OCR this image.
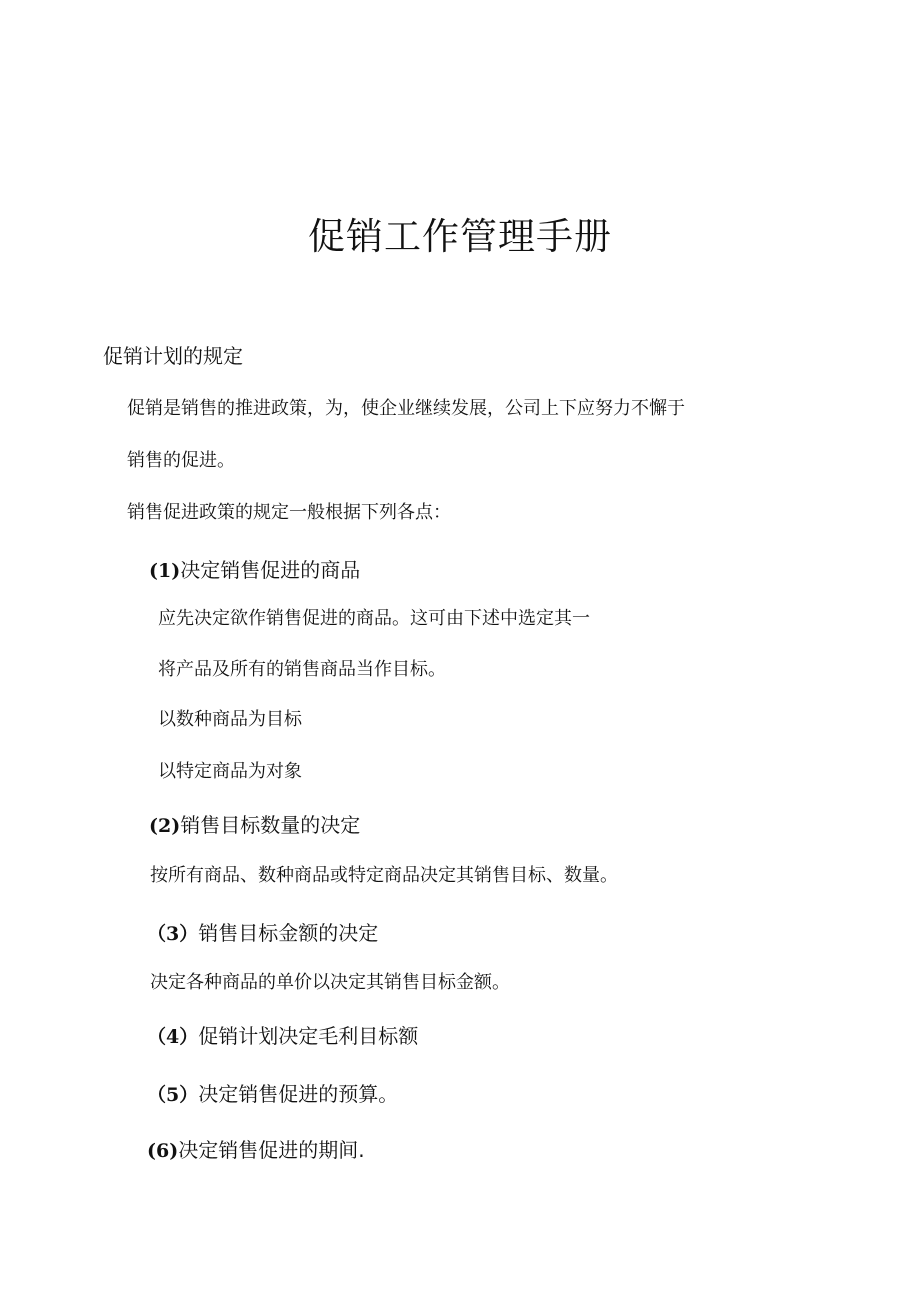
促销工作管理手册
促销计划的规定
促销是销售的推进政策，为，使企业继续发展，公司上下应努力不懈于
销售的促进。
销售促进政策的规定一般根据下列各点：
(1)决定销售促进的商品
应先决定欲作销售促进的商品。这可由下述中选定其一
将产品及所有的销售商品当作目标。
以数种商品为目标
以特定商品为对象
(2)销售目标数量的决定
按所有商品、数种商品或特定商品决定其销售目标、数量。
（3）销售目标金额的决定
决定各种商品的单价以决定其销售目标金额。
（4）促销计划决定毛利目标额
（5）决定销售促进的预算。
(6)决定销售促进的期间.
